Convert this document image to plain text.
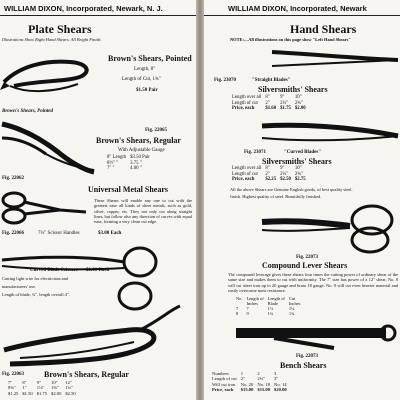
WILLIAM DIXON, Incorporated, Newark, N. J.
Plate Shears
Illustrations Show Right Hand Shears. All Bright Finish.
Brown's Shears, Pointed
Brown's Shears, Pointed
Length, 8"
Length of Cut, 1¾"
$1.50 Pair
Fig. 22062
Fig. 22065
Brown's Shears, Regular
With Adjustable Gauge
8" Length	$3.50 Pair
8½" "	3.75 "
7" "	4.00 "
Universal Metal Shears
These Shears will enable any one to cut with the greatest ease all kinds of sheet metals, such as gold, silver, copper, etc. They not only cut along straight lines, but follow also any direction of curves with equal ease, forming a very clean cut edge.
Fig. 22066	7¼" Scissor Handles	$3.00 Each
Curved Blade Scissors $1.00 Each
Cutting light wire for electricians and
manufacturers' use.
Length of blade, ¾", length overall 4".
Fig. 22063	Brown's Shears, Regular
	7"	8"	9"	10"	12"
	8⅜"	1"	1⅛"	1⅜"	1¾"
	$1.25	$1.50	$1.75	$2.00	$2.50
WILLIAM DIXON, Incorporated, Newark
Hand Shears
NOTE:—All illustrations on this page show "Left Hand Shears"
Fig. 23070	"Straight Blades"
Silversmiths' Shears
Length over all	8"	9"	10"
Length of cut	2"	2¼"	2¾"
Price, each	$1.60	$1.75	$2.00
Fig. 23071	"Curved Blades"
Silversmiths' Shears
Length over all	8"	9"	10"
Length of cut	2"	2¼"	2¾"
Price, each	$2.25	$2.50	$2.75
All the above Shears are Genuine English goods, of best quality steel.
finish. Highest quality of steel. Beautifully finished.
Fig. 22073
Compound Lever Shears
The compound leverage gives these shears four times the cutting power of ordinary shear of the same size and makes them to cut with uniformity. The 7" size has power of a 12" shear, No. 8 will cut sheet iron up to 20 gauge and brass 18 gauge. No. 9 will cut even heavier material and easily overcome most resistance.
No.	Length of	Length of	Cut
	Inches	Blade	Inches
7	7	1½	1¼
8	9	1¾	1¾
Fig. 22073
Bench Shears
Numbers	1	2	3
Length of cut	2"	2¾"	3"
Will cut iron	No. 20	No. 18	No. 14
Price, each	$15.00	$15.00	$20.00
